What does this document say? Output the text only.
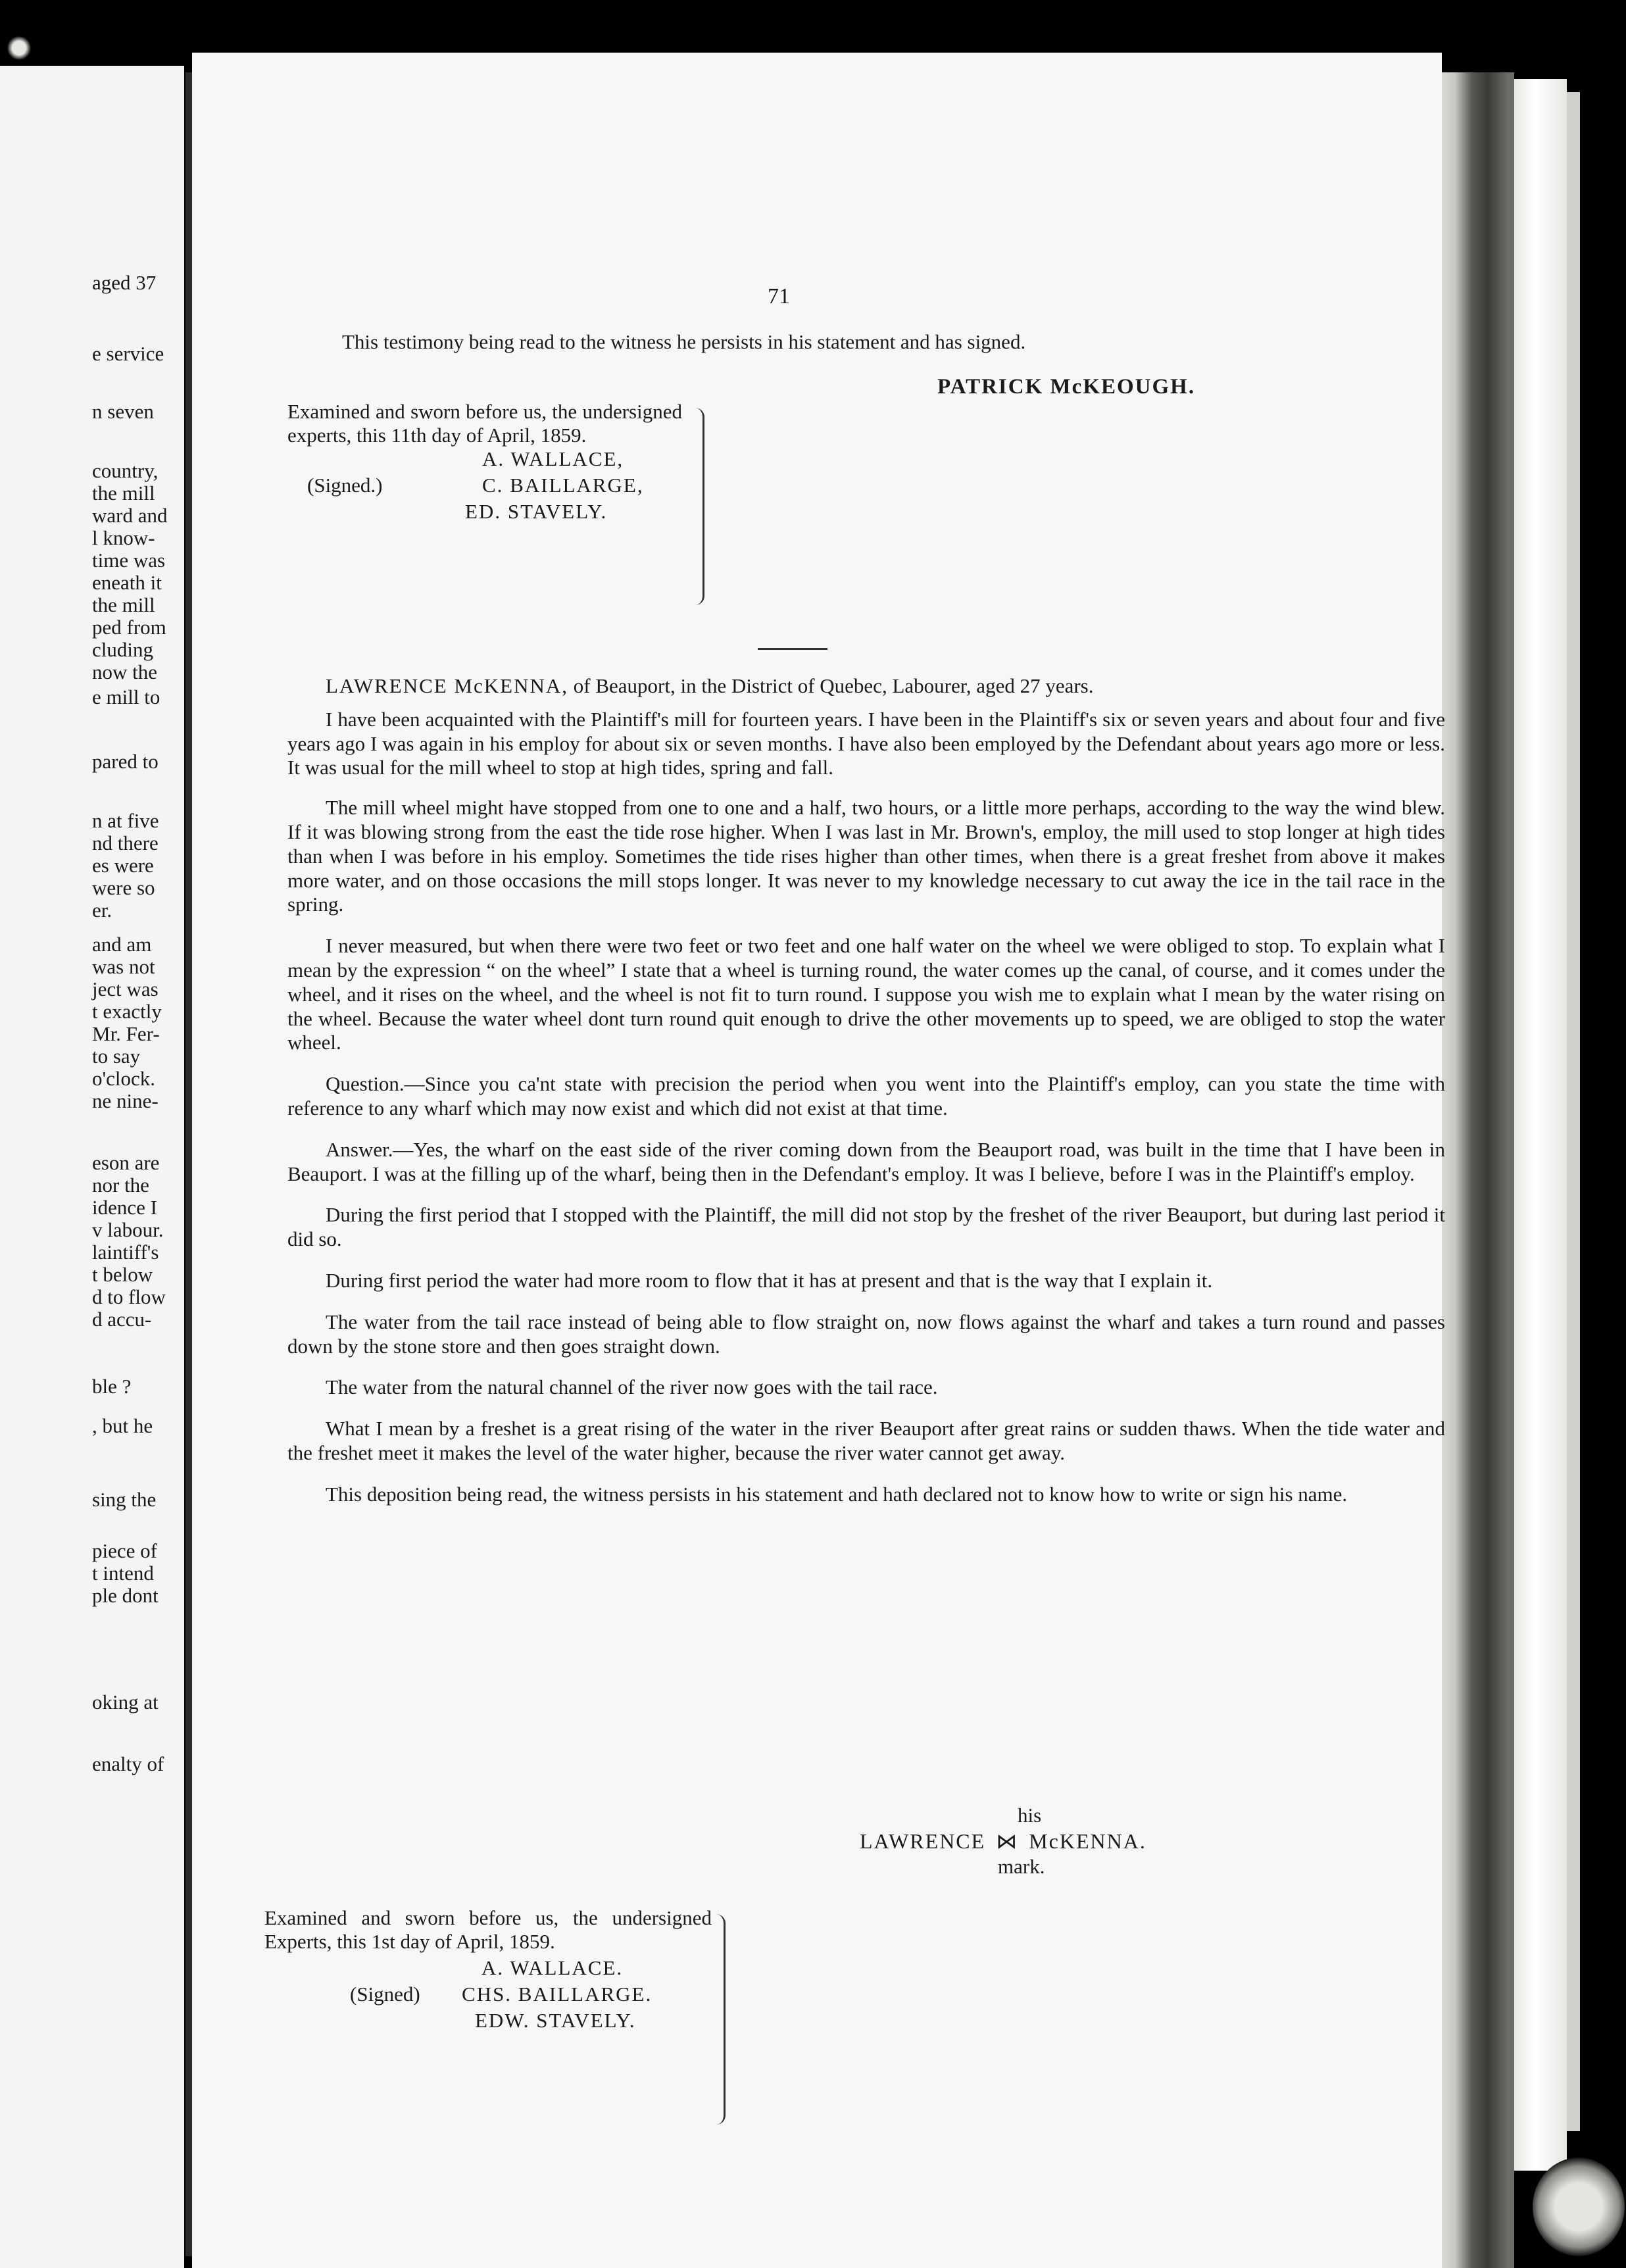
aged 37
e service
n seven
country,
the mill
ward and
l know-
time was
eneath it
the mill
ped from
cluding
now the
e mill to
pared to
n at five
nd there
es were
were so
er.
and am
was not
ject was
t exactly
Mr. Fer-
to say
o'clock.
ne nine-
eson are
nor the
idence I
v labour.
laintiff's
t below
d to flow
d accu-
ble ?
, but he
sing the
piece of
t intend
ple dont
oking at
enalty of
71
This testimony being read to the witness he persists in his statement and has signed.
PATRICK McKEOUGH.
Examined and sworn before us, the undersigned experts, this 11th day of April, 1859.
(Signed.)
A. WALLACE,
C. BAILLARGE,
ED. STAVELY.

LAWRENCE McKENNA, of Beauport, in the District of Quebec, Labourer, aged 27 years.

I have been acquainted with the Plaintiff's mill for fourteen years. I have been in the Plaintiff's six or seven years and about four and five years ago I was again in his employ for about six or seven months. I have also been employed by the Defendant about years ago more or less. It was usual for the mill wheel to stop at high tides, spring and fall.

The mill wheel might have stopped from one to one and a half, two hours, or a little more perhaps, according to the way the wind blew. If it was blowing strong from the east the tide rose higher. When I was last in Mr. Brown's, employ, the mill used to stop longer at high tides than when I was before in his employ. Sometimes the tide rises higher than other times, when there is a great freshet from above it makes more water, and on those occasions the mill stops longer. It was never to my knowledge necessary to cut away the ice in the tail race in the spring.

I never measured, but when there were two feet or two feet and one half water on the wheel we were obliged to stop. To explain what I mean by the expression “ on the wheel” I state that a wheel is turning round, the water comes up the canal, of course, and it comes under the wheel, and it rises on the wheel, and the wheel is not fit to turn round. I suppose you wish me to explain what I mean by the water rising on the wheel. Because the water wheel dont turn round quit enough to drive the other movements up to speed, we are obliged to stop the water wheel.

Question.—Since you ca'nt state with precision the period when you went into the Plaintiff's employ, can you state the time with reference to any wharf which may now exist and which did not exist at that time.

Answer.—Yes, the wharf on the east side of the river coming down from the Beauport road, was built in the time that I have been in Beauport. I was at the filling up of the wharf, being then in the Defendant's employ. It was I believe, before I was in the Plaintiff's employ.

During the first period that I stopped with the Plaintiff, the mill did not stop by the freshet of the river Beauport, but during last period it did so.

During first period the water had more room to flow that it has at present and that is the way that I explain it.

The water from the tail race instead of being able to flow straight on, now flows against the wharf and takes a turn round and passes down by the stone store and then goes straight down.

The water from the natural channel of the river now goes with the tail race.

What I mean by a freshet is a great rising of the water in the river Beauport after great rains or sudden thaws. When the tide water and the freshet meet it makes the level of the water higher, because the river water cannot get away.

This deposition being read, the witness persists in his statement and hath declared not to know how to write or sign his name.

his
LAWRENCE ⋈ McKENNA.
mark.
Examined and sworn before us, the undersigned Experts, this 1st day of April, 1859.
(Signed)
A. WALLACE.
CHS. BAILLARGE.
EDW. STAVELY.
